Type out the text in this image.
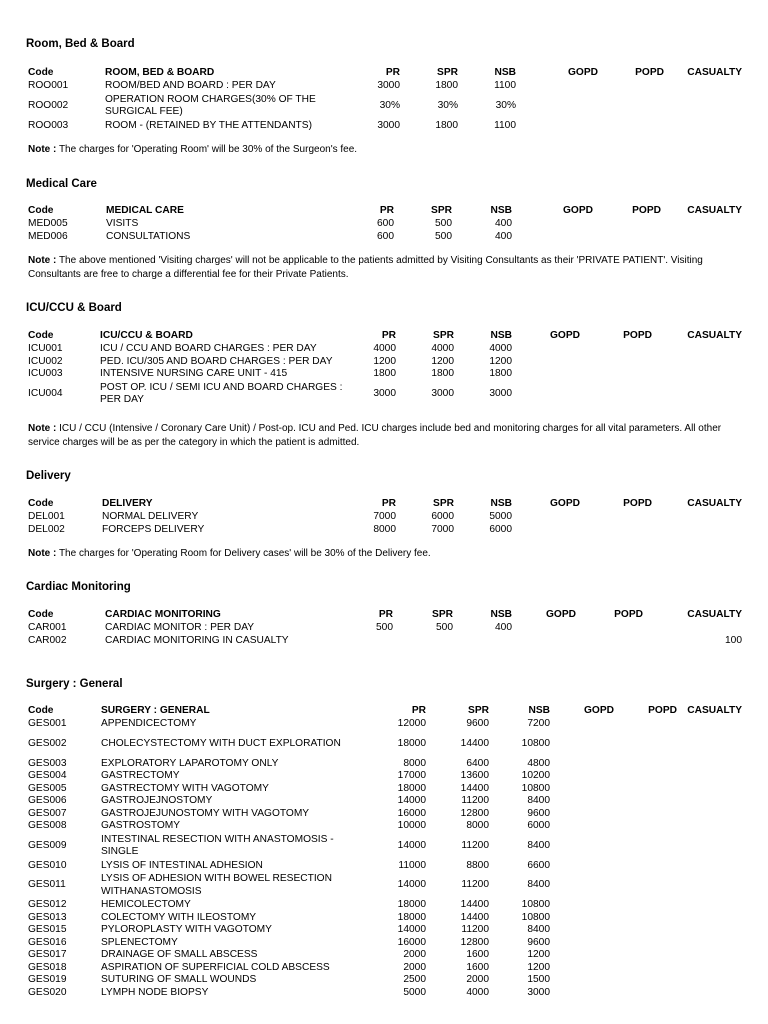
Room, Bed & Board
Code	ROOM, BED & BOARD	PR	SPR	NSB	GOPD	POPD	CASUALTY
ROO001	ROOM/BED AND BOARD : PER DAY	3000	1800	1100			
ROO002	OPERATION ROOM CHARGES(30% OF THE SURGICAL FEE)	30%	30%	30%			
ROO003	ROOM - (RETAINED BY THE ATTENDANTS)	3000	1800	1100			
Note : The charges for 'Operating Room' will be 30% of the Surgeon's fee.
Medical Care
Code	MEDICAL CARE	PR	SPR	NSB	GOPD	POPD	CASUALTY
MED005	VISITS	600	500	400			
MED006	CONSULTATIONS	600	500	400			
Note : The above mentioned 'Visiting charges' will not be applicable to the patients admitted by Visiting Consultants as their 'PRIVATE PATIENT'. Visiting Consultants are free to charge a differential fee for their Private Patients.
ICU/CCU & Board
Code	ICU/CCU & BOARD	PR	SPR	NSB	GOPD	POPD	CASUALTY
ICU001	ICU / CCU AND BOARD CHARGES : PER DAY	4000	4000	4000			
ICU002	PED. ICU/305 AND BOARD CHARGES : PER DAY	1200	1200	1200			
ICU003	INTENSIVE NURSING CARE UNIT - 415	1800	1800	1800			
ICU004	POST OP. ICU / SEMI ICU AND BOARD CHARGES : PER DAY	3000	3000	3000			
Note : ICU / CCU (Intensive / Coronary Care Unit) / Post-op. ICU and Ped. ICU charges include bed and monitoring charges for all vital parameters. All other service charges will be as per the category in which the patient is admitted.
Delivery
Code	DELIVERY	PR	SPR	NSB	GOPD	POPD	CASUALTY
DEL001	NORMAL DELIVERY	7000	6000	5000			
DEL002	FORCEPS DELIVERY	8000	7000	6000			
Note : The charges for 'Operating Room for Delivery cases' will be 30% of the Delivery fee.
Cardiac Monitoring
Code	CARDIAC MONITORING	PR	SPR	NSB	GOPD	POPD	CASUALTY
CAR001	CARDIAC MONITOR : PER DAY	500	500	400			
CAR002	CARDIAC MONITORING IN CASUALTY						100
Surgery : General
Code	SURGERY : GENERAL	PR	SPR	NSB	GOPD	POPD	CASUALTY
GES001	APPENDICECTOMY	12000	9600	7200			
GES002	CHOLECYSTECTOMY WITH DUCT EXPLORATION	18000	14400	10800			
GES003	EXPLORATORY LAPAROTOMY ONLY	8000	6400	4800			
GES004	GASTRECTOMY	17000	13600	10200			
GES005	GASTRECTOMY WITH VAGOTOMY	18000	14400	10800			
GES006	GASTROJEJNOSTOMY	14000	11200	8400			
GES007	GASTROJEJUNOSTOMY WITH VAGOTOMY	16000	12800	9600			
GES008	GASTROSTOMY	10000	8000	6000			
GES009	INTESTINAL RESECTION WITH ANASTOMOSIS - SINGLE	14000	11200	8400			
GES010	LYSIS OF INTESTINAL ADHESION	11000	8800	6600			
GES011	LYSIS OF ADHESION WITH BOWEL RESECTION WITHANASTOMOSIS	14000	11200	8400			
GES012	HEMICOLECTOMY	18000	14400	10800			
GES013	COLECTOMY WITH ILEOSTOMY	18000	14400	10800			
GES015	PYLOROPLASTY WITH VAGOTOMY	14000	11200	8400			
GES016	SPLENECTOMY	16000	12800	9600			
GES017	DRAINAGE OF SMALL ABSCESS	2000	1600	1200			
GES018	ASPIRATION OF SUPERFICIAL COLD ABSCESS	2000	1600	1200			
GES019	SUTURING OF SMALL WOUNDS	2500	2000	1500			
GES020	LYMPH NODE BIOPSY	5000	4000	3000			
